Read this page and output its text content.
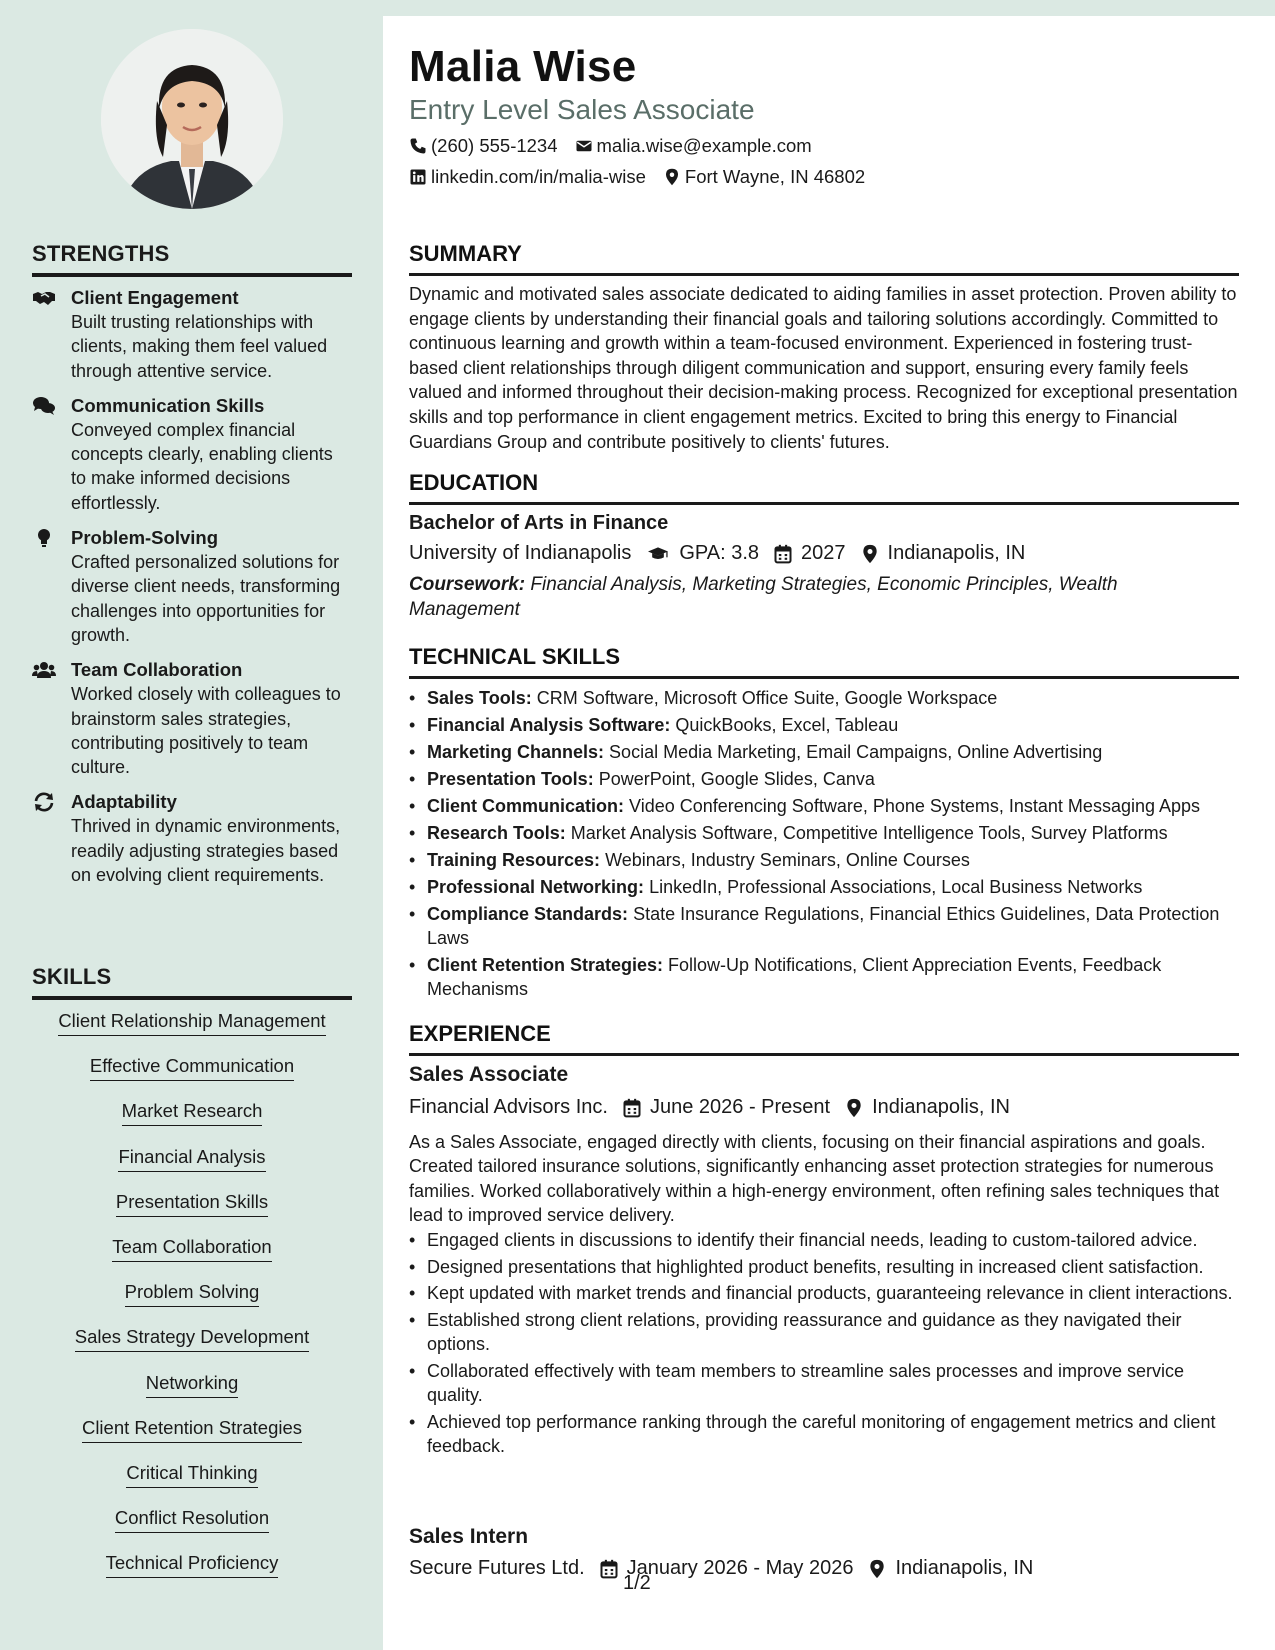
STRENGTHS
Client Engagement
Built trusting relationships with clients, making them feel valued through attentive service.
Communication Skills
Conveyed complex financial concepts clearly, enabling clients to make informed decisions effortlessly.
Problem-Solving
Crafted personalized solutions for diverse client needs, transforming challenges into opportunities for growth.
Team Collaboration
Worked closely with colleagues to brainstorm sales strategies, contributing positively to team culture.
Adaptability
Thrived in dynamic environments, readily adjusting strategies based on evolving client requirements.
SKILLS
Client Relationship Management
Effective Communication
Market Research
Financial Analysis
Presentation Skills
Team Collaboration
Problem Solving
Sales Strategy Development
Networking
Client Retention Strategies
Critical Thinking
Conflict Resolution
Technical Proficiency
Malia Wise
Entry Level Sales Associate
(260) 555-1234 malia.wise@example.com
linkedin.com/in/malia-wise Fort Wayne, IN 46802
SUMMARY
Dynamic and motivated sales associate dedicated to aiding families in asset protection. Proven ability to engage clients by understanding their financial goals and tailoring solutions accordingly. Committed to continuous learning and growth within a team-focused environment. Experienced in fostering trust-based client relationships through diligent communication and support, ensuring every family feels valued and informed throughout their decision-making process. Recognized for exceptional presentation skills and top performance in client engagement metrics. Excited to bring this energy to Financial Guardians Group and contribute positively to clients' futures.
EDUCATION
Bachelor of Arts in Finance
University of Indianapolis GPA: 3.8 2027 Indianapolis, IN
Coursework: Financial Analysis, Marketing Strategies, Economic Principles, Wealth Management
TECHNICAL SKILLS
• Sales Tools: CRM Software, Microsoft Office Suite, Google Workspace
• Financial Analysis Software: QuickBooks, Excel, Tableau
• Marketing Channels: Social Media Marketing, Email Campaigns, Online Advertising
• Presentation Tools: PowerPoint, Google Slides, Canva
• Client Communication: Video Conferencing Software, Phone Systems, Instant Messaging Apps
• Research Tools: Market Analysis Software, Competitive Intelligence Tools, Survey Platforms
• Training Resources: Webinars, Industry Seminars, Online Courses
• Professional Networking: LinkedIn, Professional Associations, Local Business Networks
• Compliance Standards: State Insurance Regulations, Financial Ethics Guidelines, Data Protection Laws
• Client Retention Strategies: Follow-Up Notifications, Client Appreciation Events, Feedback Mechanisms
EXPERIENCE
Sales Associate
Financial Advisors Inc. June 2026 - Present Indianapolis, IN
As a Sales Associate, engaged directly with clients, focusing on their financial aspirations and goals. Created tailored insurance solutions, significantly enhancing asset protection strategies for numerous families. Worked collaboratively within a high-energy environment, often refining sales techniques that lead to improved service delivery.
• Engaged clients in discussions to identify their financial needs, leading to custom-tailored advice.
• Designed presentations that highlighted product benefits, resulting in increased client satisfaction.
• Kept updated with market trends and financial products, guaranteeing relevance in client interactions.
• Established strong client relations, providing reassurance and guidance as they navigated their options.
• Collaborated effectively with team members to streamline sales processes and improve service quality.
• Achieved top performance ranking through the careful monitoring of engagement metrics and client feedback.
Sales Intern
Secure Futures Ltd. January 2026 - May 2026 Indianapolis, IN
1/2
